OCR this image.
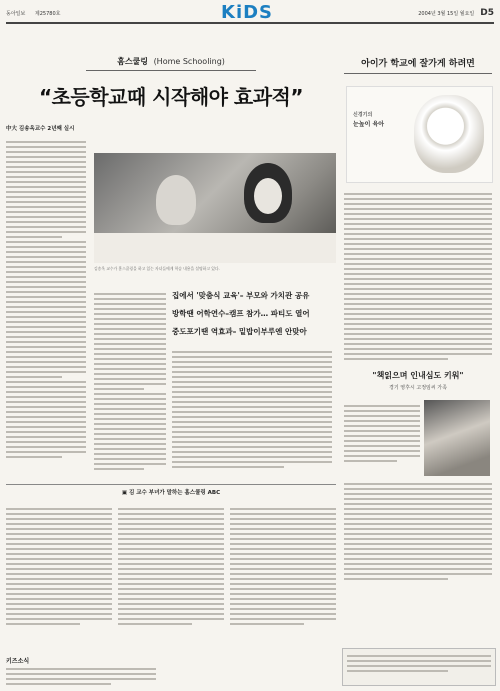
동아일보 제25780호	KiDS	2004년 3월 15일 월요일 D5
홈스쿨링 (Home Schooling)
“초등학교때 시작해야 효과적”
中大 김송옥교수 2년째 실시
김송옥 교수가 홈스쿨링을 하고 있는 자녀들에게 학습 내용을 설명하고 있다.
집에서 '맞춤식 교육'– 부모와 가치관 공유
방학땐 어학연수–캠프 참가… 파티도 열어
중도포기땐 역효과– 밑밥이부루엔 안맞아
▣ 김 교수 부녀가 말하는 홈스쿨링 ABC
키즈소식
아이가 학교에 잘가게 하려면
신경기의
눈높이 육아
"책읽으며 인내심도 키워"
경기 영후시 고정임씨 가족
